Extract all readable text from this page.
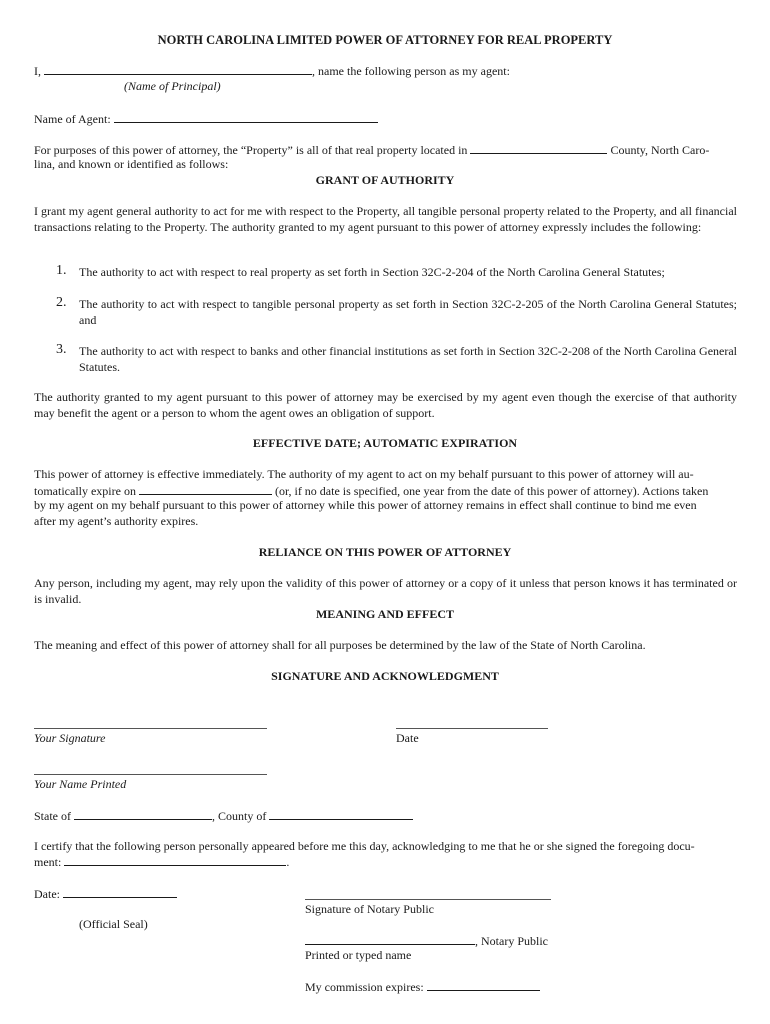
NORTH CAROLINA LIMITED POWER OF ATTORNEY FOR REAL PROPERTY
I,	, name the following person as my agent:
(Name of Principal)
Name of Agent:
For purposes of this power of attorney, the “Property” is all of that real property located in	County, North Caro-
lina, and known or identified as follows:
GRANT OF AUTHORITY
I grant my agent general authority to act for me with respect to the Property, all tangible personal property related to the Property, and all financial transactions relating to the Property. The authority granted to my agent pursuant to this power of attorney expressly includes the following:
1. The authority to act with respect to real property as set forth in Section 32C-2-204 of the North Carolina General Statutes;
2. The authority to act with respect to tangible personal property as set forth in Section 32C-2-205 of the North Carolina General Statutes; and
3. The authority to act with respect to banks and other financial institutions as set forth in Section 32C-2-208 of the North Carolina General Statutes.
The authority granted to my agent pursuant to this power of attorney may be exercised by my agent even though the exercise of that authority may benefit the agent or a person to whom the agent owes an obligation of support.
EFFECTIVE DATE; AUTOMATIC EXPIRATION
This power of attorney is effective immediately. The authority of my agent to act on my behalf pursuant to this power of attorney will au-
tomatically expire on	(or, if no date is specified, one year from the date of this power of attorney). Actions taken
by my agent on my behalf pursuant to this power of attorney while this power of attorney remains in effect shall continue to bind me even
after my agent’s authority expires.
RELIANCE ON THIS POWER OF ATTORNEY
Any person, including my agent, may rely upon the validity of this power of attorney or a copy of it unless that person knows it has terminated or is invalid.
MEANING AND EFFECT
The meaning and effect of this power of attorney shall for all purposes be determined by the law of the State of North Carolina.
SIGNATURE AND ACKNOWLEDGMENT
Your Signature	Date
Your Name Printed
State of	, County of
I certify that the following person personally appeared before me this day, acknowledging to me that he or she signed the foregoing docu-
ment:	.
Date:
Signature of Notary Public
(Official Seal)
, Notary Public
Printed or typed name
My commission expires:
